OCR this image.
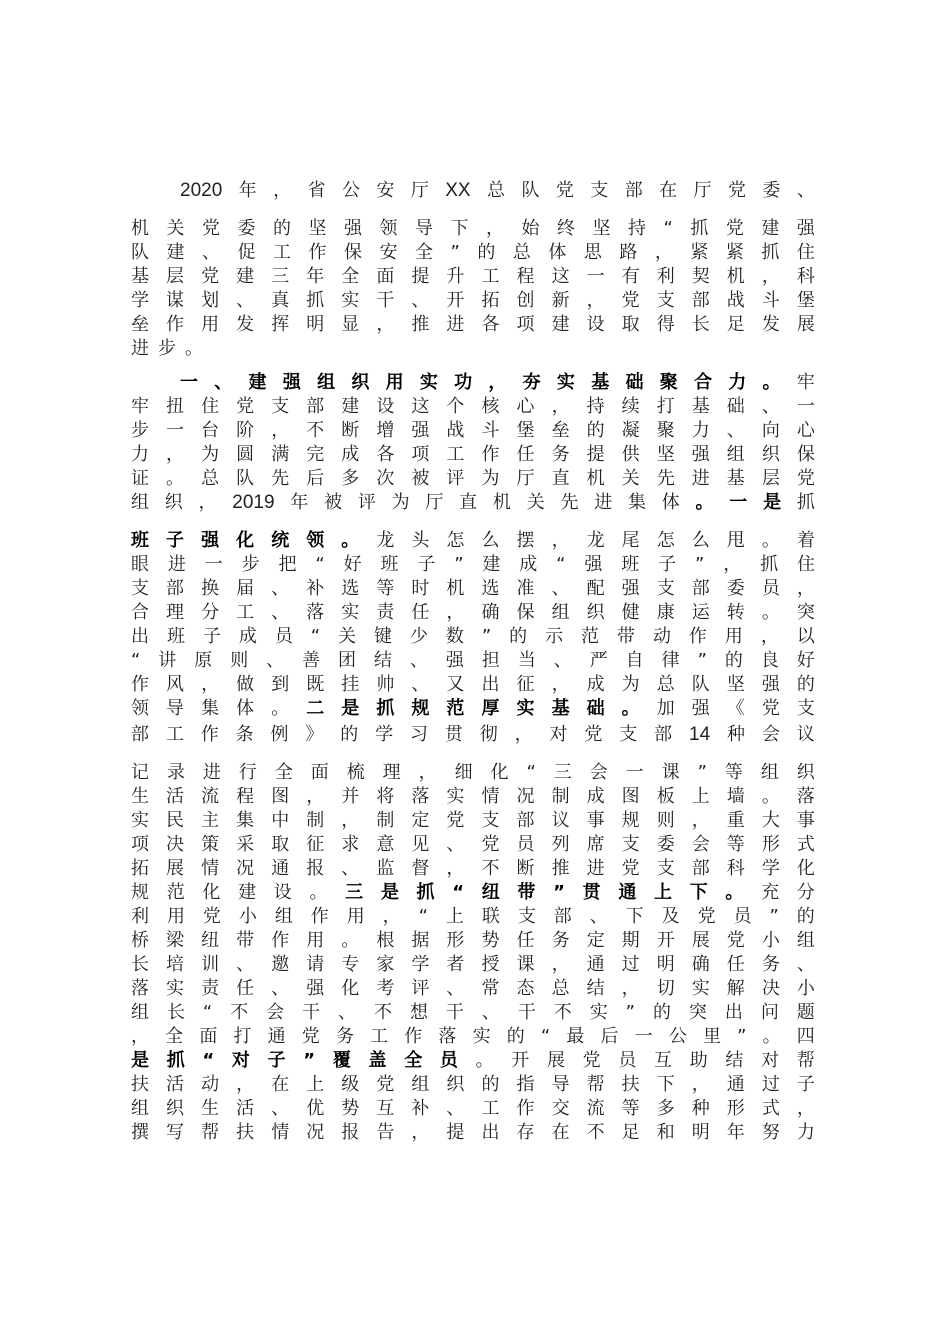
2020 年 ， 省 公 安 厅 XX 总 队 党 支 部 在 厅 党 委 、
机 关 党 委 的 坚 强 领 导 下 ， 始 终 坚 持 “ 抓 党 建 强
队 建 、 促 工 作 保 安 全 ” 的 总 体 思 路 ， 紧 紧 抓 住
基 层 党 建 三 年 全 面 提 升 工 程 这 一 有 利 契 机 ， 科
学 谋 划 、 真 抓 实 干 、 开 拓 创 新 ， 党 支 部 战 斗 堡
垒 作 用 发 挥 明 显 ， 推 进 各 项 建 设 取 得 长 足 发 展
进 步 。
一 、 建 强 组 织 用 实 功 ， 夯 实 基 础 聚 合 力 。 牢
牢 扭 住 党 支 部 建 设 这 个 核 心 ， 持 续 打 基 础 、 一
步 一 台 阶 ， 不 断 增 强 战 斗 堡 垒 的 凝 聚 力 、 向 心
力 ， 为 圆 满 完 成 各 项 工 作 任 务 提 供 坚 强 组 织 保
证 。 总 队 先 后 多 次 被 评 为 厅 直 机 关 先 进 基 层 党
组 织 ， 2019 年 被 评 为 厅 直 机 关 先 进 集 体 。 一 是 抓
班 子 强 化 统 领 。 龙 头 怎 么 摆 ， 龙 尾 怎 么 甩 。 着
眼 进 一 步 把 “ 好 班 子 ” 建 成 “ 强 班 子 ” ， 抓 住
支 部 换 届 、 补 选 等 时 机 选 准 、 配 强 支 部 委 员 ，
合 理 分 工 、 落 实 责 任 ， 确 保 组 织 健 康 运 转 。 突
出 班 子 成 员 “ 关 键 少 数 ” 的 示 范 带 动 作 用 ， 以
“ 讲 原 则 、 善 团 结 、 强 担 当 、 严 自 律 ” 的 良 好
作 风 ， 做 到 既 挂 帅 、 又 出 征 ， 成 为 总 队 坚 强 的
领 导 集 体 。 二 是 抓 规 范 厚 实 基 础 。 加 强 《 党 支
部 工 作 条 例 》 的 学 习 贯 彻 ， 对 党 支 部 14 种 会 议
记 录 进 行 全 面 梳 理 ， 细 化 “ 三 会 一 课 ” 等 组 织
生 活 流 程 图 ， 并 将 落 实 情 况 制 成 图 板 上 墙 。 落
实 民 主 集 中 制 ， 制 定 党 支 部 议 事 规 则 ， 重 大 事
项 决 策 采 取 征 求 意 见 、 党 员 列 席 支 委 会 等 形 式
拓 展 情 况 通 报 、 监 督 ， 不 断 推 进 党 支 部 科 学 化
规 范 化 建 设 。 三 是 抓 “ 纽 带 ” 贯 通 上 下 。 充 分
利 用 党 小 组 作 用 ， “ 上 联 支 部 、 下 及 党 员 ” 的
桥 梁 纽 带 作 用 。 根 据 形 势 任 务 定 期 开 展 党 小 组
长 培 训 、 邀 请 专 家 学 者 授 课 ， 通 过 明 确 任 务 、
落 实 责 任 、 强 化 考 评 、 常 态 总 结 ， 切 实 解 决 小
组 长 “ 不 会 干 、 不 想 干 、 干 不 实 ” 的 突 出 问 题
， 全 面 打 通 党 务 工 作 落 实 的 “ 最 后 一 公 里 ” 。 四
是 抓 “ 对 子 ” 覆 盖 全 员 。 开 展 党 员 互 助 结 对 帮
扶 活 动 ， 在 上 级 党 组 织 的 指 导 帮 扶 下 ， 通 过 子
组 织 生 活 、 优 势 互 补 、 工 作 交 流 等 多 种 形 式 ，
撰 写 帮 扶 情 况 报 告 ， 提 出 存 在 不 足 和 明 年 努 力
